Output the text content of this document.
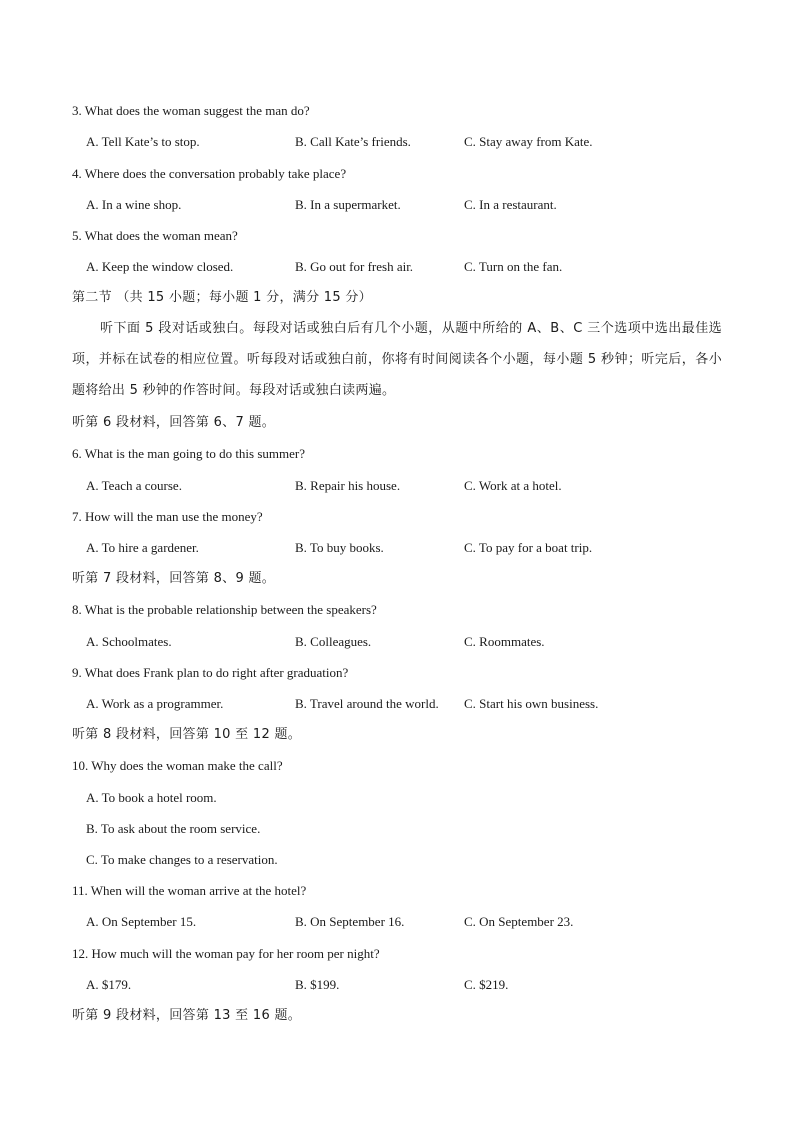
3. What does the woman suggest the man do?
A. Tell Kate’s to stop.	B. Call Kate’s friends.	C. Stay away from Kate.
4. Where does the conversation probably take place?
A. In a wine shop.	B. In a supermarket.	C. In a restaurant.
5. What does the woman mean?
A. Keep the window closed.	B. Go out for fresh air.	C. Turn on the fan.
第二节 （共 15 小题；每小题 1 分，满分 15 分）
听下面 5 段对话或独白。每段对话或独白后有几个小题，从题中所给的 A、B、C 三个选项中选出最佳选项，并标在试卷的相应位置。听每段对话或独白前，你将有时间阅读各个小题，每小题 5 秒钟；听完后，各小题将给出 5 秒钟的作答时间。每段对话或独白读两遍。
听第 6 段材料，回答第 6、7 题。
6. What is the man going to do this summer?
A. Teach a course.	B. Repair his house.	C. Work at a hotel.
7. How will the man use the money?
A. To hire a gardener.	B. To buy books.	C. To pay for a boat trip.
听第 7 段材料，回答第 8、9 题。
8. What is the probable relationship between the speakers?
A. Schoolmates.	B. Colleagues.	C. Roommates.
9. What does Frank plan to do right after graduation?
A. Work as a programmer.	B. Travel around the world. C. Start his own business.
听第 8 段材料，回答第 10 至 12 题。
10. Why does the woman make the call?
A. To book a hotel room.
B. To ask about the room service.
C. To make changes to a reservation.
11. When will the woman arrive at the hotel?
A. On September 15.	B. On September 16.	C. On September 23.
12. How much will the woman pay for her room per night?
A. $179.	B. $199.	C. $219.
听第 9 段材料，回答第 13 至 16 题。
